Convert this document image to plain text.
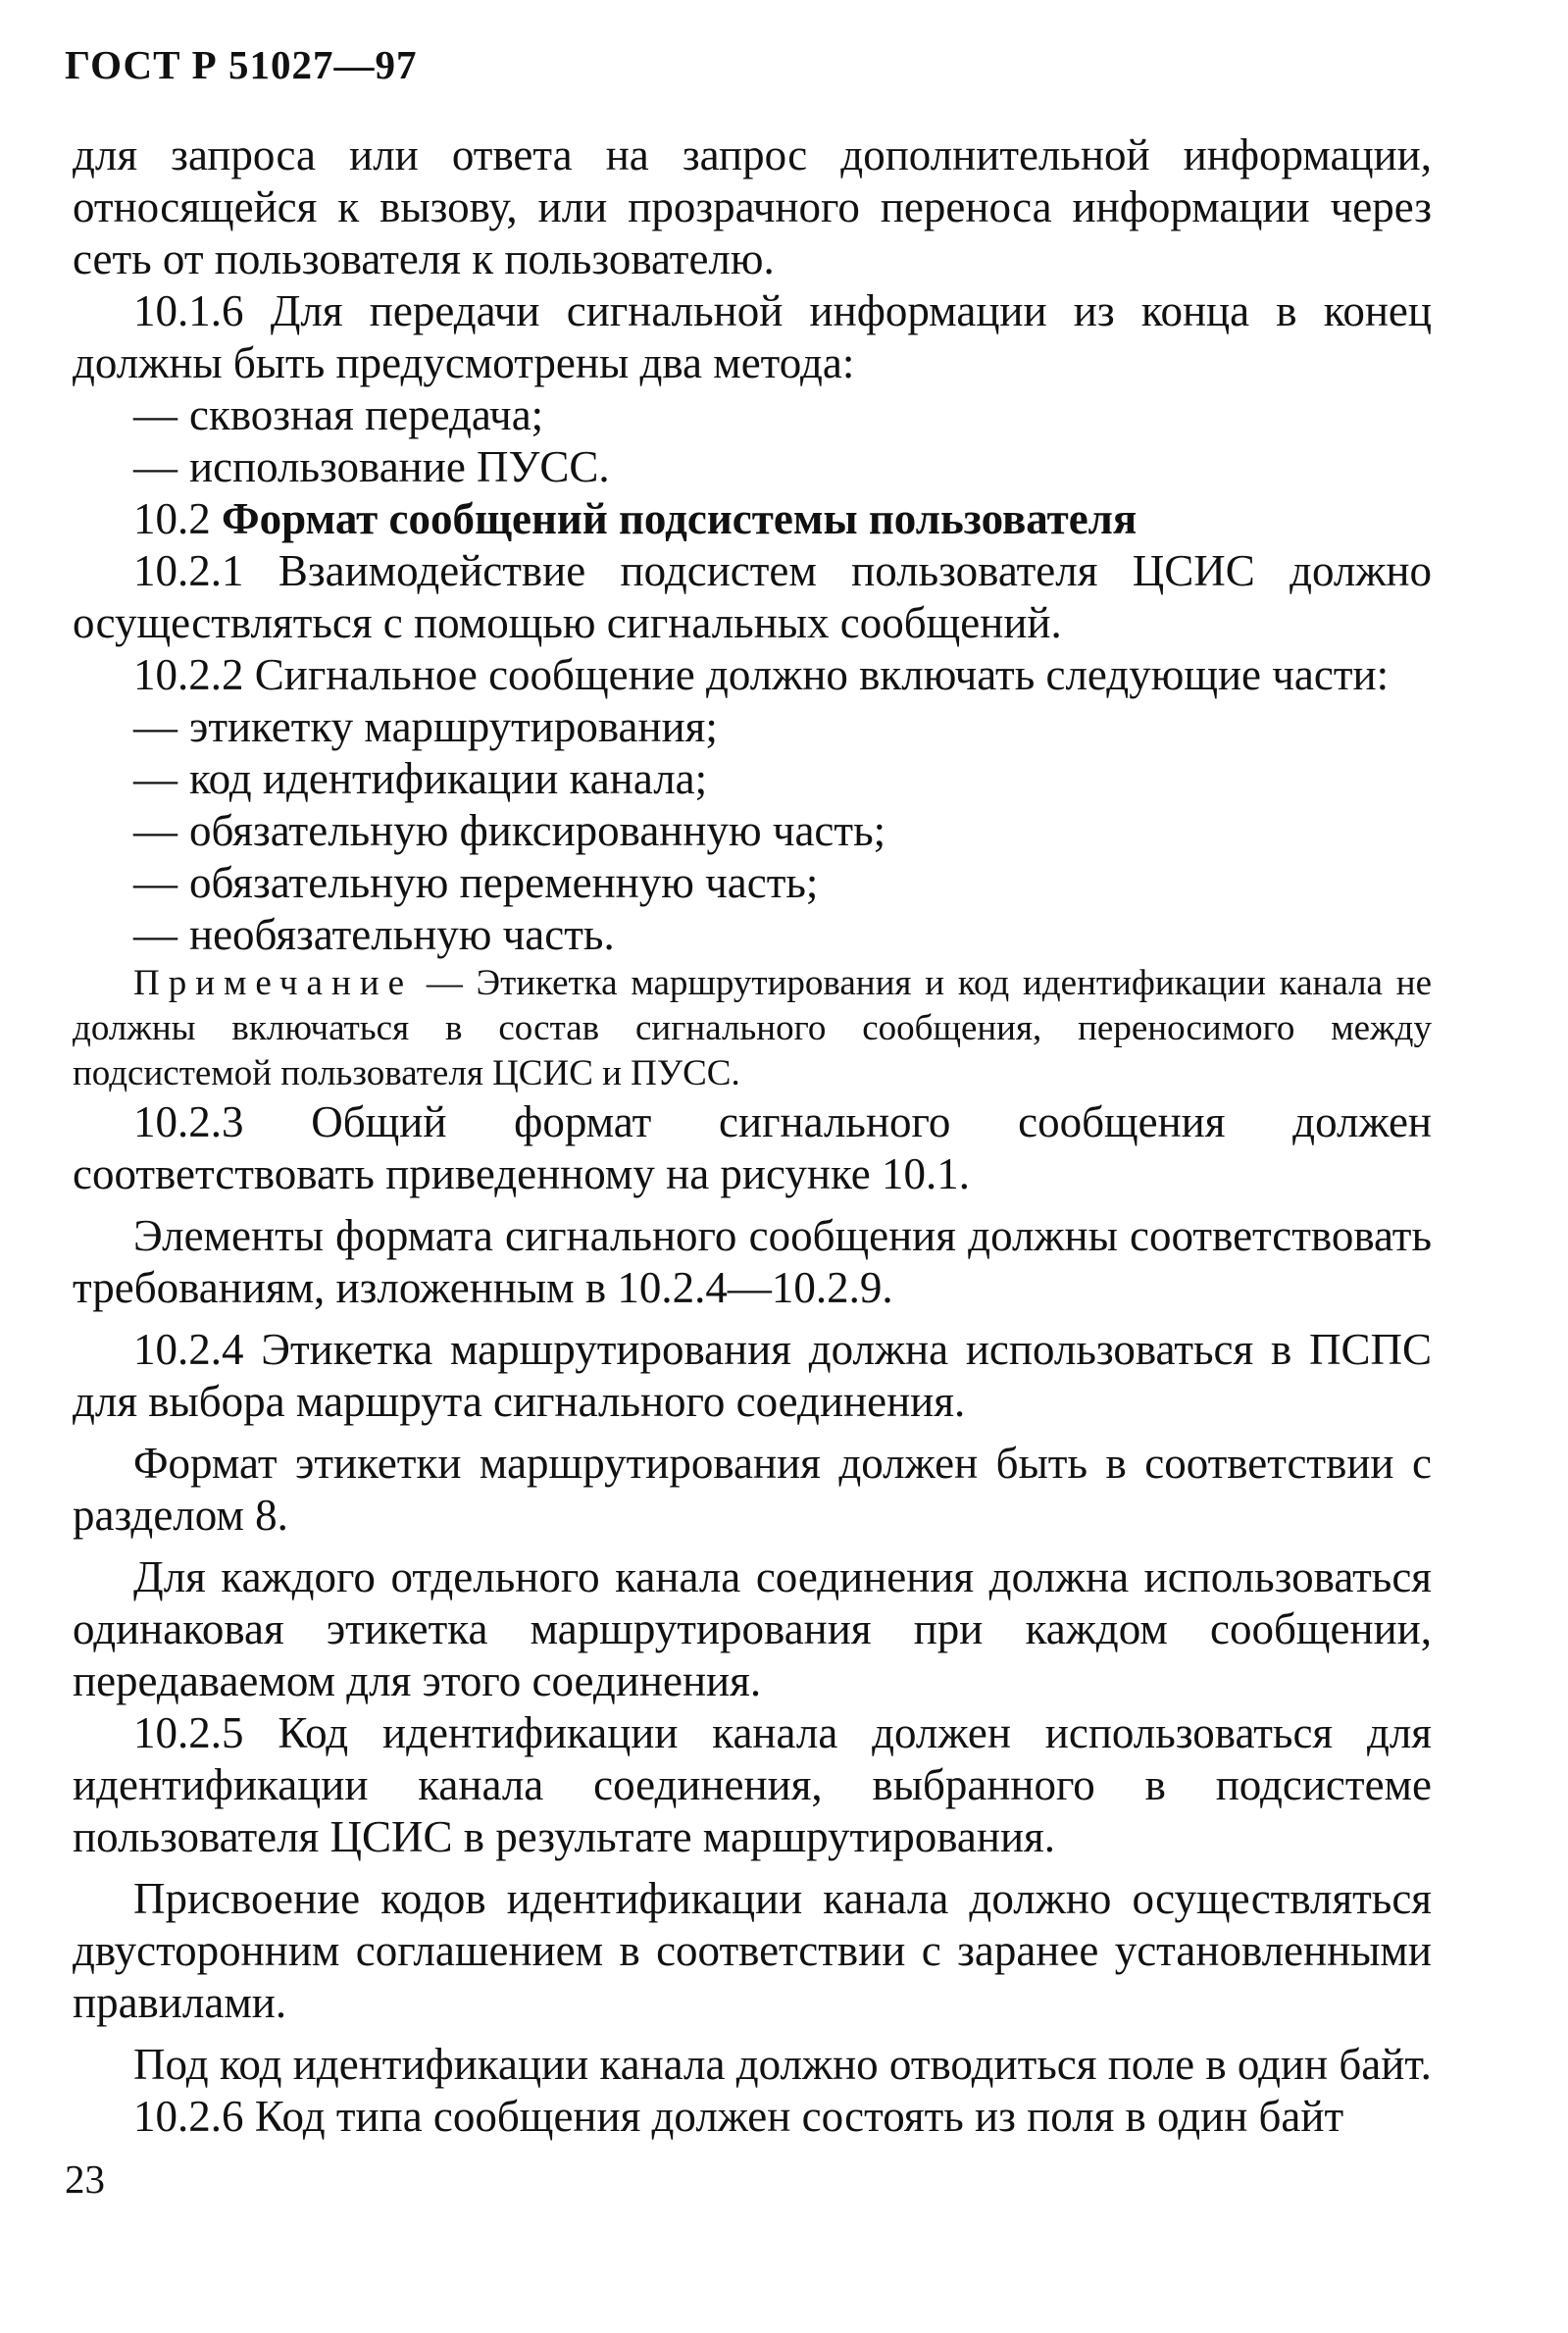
ГОСТ Р 51027—97

для запроса или ответа на запрос дополнительной информации, относящейся к вызову, или прозрачного переноса информации через сеть от пользователя к пользователю.

10.1.6 Для передачи сигнальной информации из конца в конец должны быть предусмотрены два метода:

— сквозная передача;
— использование ПУСС.

10.2 Формат сообщений подсистемы пользователя

10.2.1 Взаимодействие подсистем пользователя ЦСИС должно осуществляться с помощью сигнальных сообщений.

10.2.2 Сигнальное сообщение должно включать следующие части:

— этикетку маршрутирования;
— код идентификации канала;
— обязательную фиксированную часть;
— обязательную переменную часть;
— необязательную часть.

Примечание — Этикетка маршрутирования и код идентификации канала не должны включаться в состав сигнального сообщения, переносимого между подсистемой пользователя ЦСИС и ПУСС.

10.2.3 Общий формат сигнального сообщения должен соответствовать приведенному на рисунке 10.1.

Элементы формата сигнального сообщения должны соответствовать требованиям, изложенным в 10.2.4—10.2.9.

10.2.4 Этикетка маршрутирования должна использоваться в ПСПС для выбора маршрута сигнального соединения.

Формат этикетки маршрутирования должен быть в соответствии с разделом 8.

Для каждого отдельного канала соединения должна использоваться одинаковая этикетка маршрутирования при каждом сообщении, передаваемом для этого соединения.

10.2.5 Код идентификации канала должен использоваться для идентификации канала соединения, выбранного в подсистеме пользователя ЦСИС в результате маршрутирования.

Присвоение кодов идентификации канала должно осуществляться двусторонним соглашением в соответствии с заранее установленными правилами.

Под код идентификации канала должно отводиться поле в один байт.

10.2.6 Код типа сообщения должен состоять из поля в один байт

23
